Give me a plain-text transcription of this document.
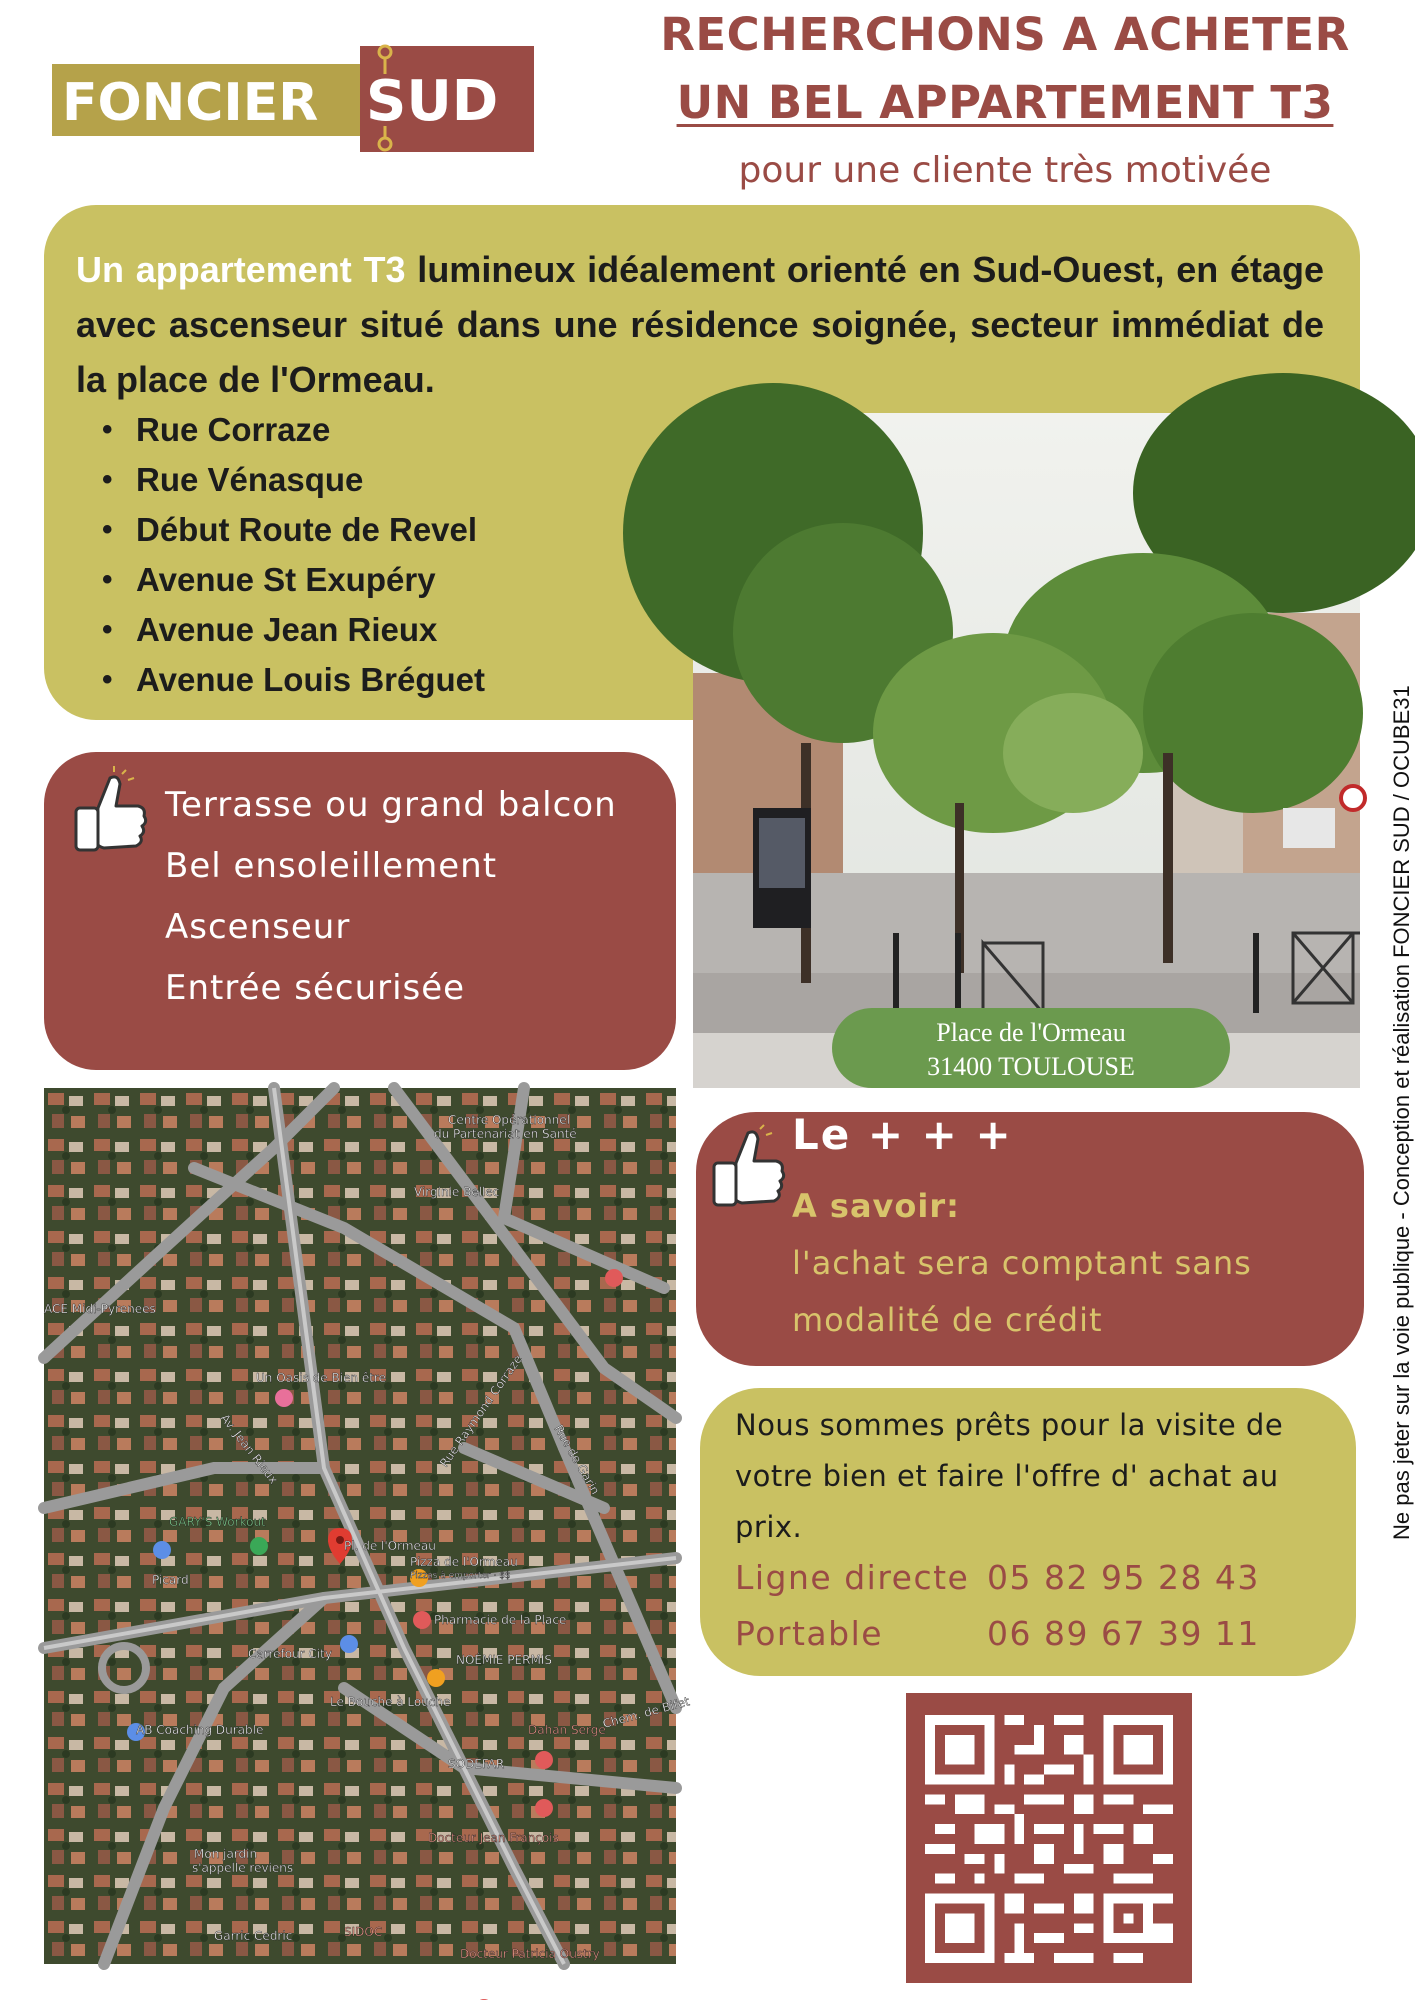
FONCIER SUD
RECHERCHONS A ACHETER
UN BEL APPARTEMENT T3
pour une cliente très motivée
Un appartement T3 lumineux idéalement orienté en Sud-Ouest, en étage avec ascenseur situé dans une résidence soignée, secteur immédiat de la place de l'Ormeau.
• Rue Corraze
• Rue Vénasque
• Début Route de Revel
• Avenue St Exupéry
• Avenue Jean Rieux
• Avenue Louis Bréguet
Place de l'Ormeau
31400 TOULOUSE
Terrasse ou grand balcon
Bel ensoleillement
Ascenseur
Entrée sécurisée
Centre Opérationnel
du Partenariat en Santé
Virginie Bellec
ACE Midi-Pyrenees
Un Oasis de Bien être
GARY'S Workout
Pl. de l'Ormeau
Pizza de l'Ormeau
Pizzas à emporter · $$
Pharmacie de la Place
Carrefour City	NOÉMIE PERMIS
Le Bouche à Louche
AB Coaching Durable	Dahan Serge
SODEFAR
Docteur Jean François
Mon jardin
s'appelle reviens
Garric Cedric	SIDOC
Docteur Patricia Oustry
Picard
Av. Jean Rieux	Rue Raymond Corraze
Chem. de Bifet
Rue de Garin
Le + + +
A savoir:
l'achat sera comptant sans
modalité de crédit
Nous sommes prêts pour la visite de votre bien et faire l'offre d' achat au prix.
Ligne directe 05 82 95 28 43
Portable	06 89 67 39 11
Ne pas jeter sur la voie publique - Conception et réalisation FONCIER SUD / OCUBE31
